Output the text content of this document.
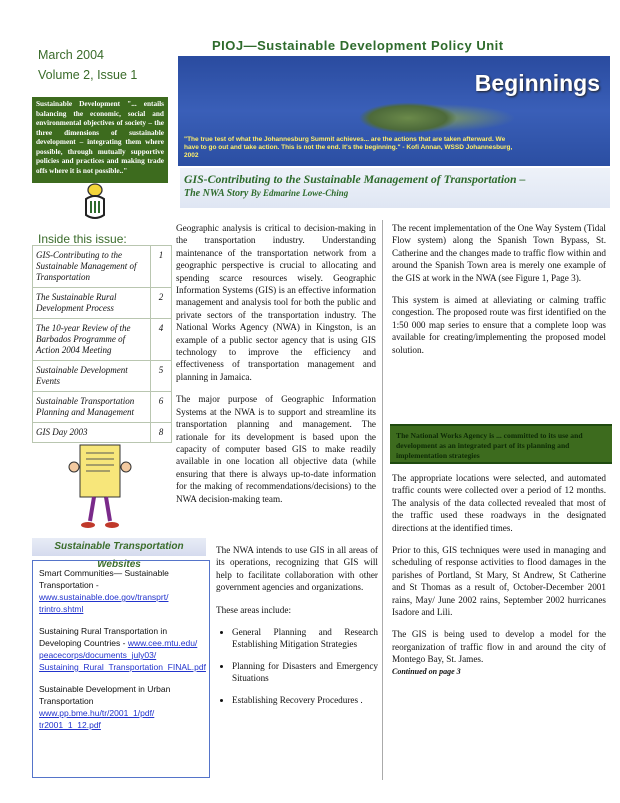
March 2004
Volume 2, Issue 1
Sustainable Development "... entails balancing the economic, social and environmental objectives of society – the three dimensions of sustainable development – integrating them where possible, through mutually supportive policies and practices and making trade offs where it is not possible.."
Inside this issue:
GIS-Contributing to the Sustainable Management of Transportation	1
The Sustainable Rural Development Process	2
The 10-year Review of the Barbados Programme of Action 2004 Meeting	4
Sustainable Development Events	5
Sustainable Transportation Planning and Management	6
GIS Day 2003	8
Sustainable Transportation Websites
Smart Communities— Sustainable Transportation -
www.sustainable.doe.gov/transprt/ trintro.shtml
Sustaining Rural Transportation in Developing Countries - www.cee.mtu.edu/ peacecorps/documents_july03/ Sustaining_Rural_Transportation_FINAL.pdf
Sustainable Development in Urban Transportation
www.pp.bme.hu/tr/2001_1/pdf/ tr2001_1_12.pdf
PIOJ—Sustainable Development Policy Unit
Beginnings
"The true test of what the Johannesburg Summit achieves... are the actions that are taken afterward. We have to go out and take action. This is not the end. It's the beginning." - Kofi Annan, WSSD Johannesburg, 2002
GIS-Contributing to the Sustainable Management of Transportation –
The NWA Story By Edmarine Lowe-Ching

Geographic analysis is critical to decision-making in the transportation industry. Understanding maintenance of the transportation network from a geographic perspective is crucial to allocating and spending scarce resources wisely. Geographic Information Systems (GIS) is an effective information management and analysis tool for both the public and private sectors of the transportation industry. The National Works Agency (NWA) in Kingston, is an example of a public sector agency that is using GIS technology to improve the efficiency and effectiveness of transportation management and planning in Jamaica.

The major purpose of Geographic Information Systems at the NWA is to support and streamline its transportation planning and management. The rationale for its development is based upon the capacity of computer based GIS to make readily available in one location all objective data (while ensuring that there is always up-to-date information for the making of recommendations/decisions) to the NWA decision-making team.

The NWA intends to use GIS in all areas of its operations, recognizing that GIS will help to facilitate collaboration with other government agencies and organizations.

These areas include:

• General Planning and Research Establishing Mitigation Strategies
• Planning for Disasters and Emergency Situations
• Establishing Recovery Procedures .

The recent implementation of the One Way System (Tidal Flow system) along the Spanish Town Bypass, St. Catherine and the changes made to traffic flow within and around the Spanish Town area is merely one example of the GIS at work in the NWA (see Figure 1, Page 3).

This system is aimed at alleviating or calming traffic congestion. The proposed route was first identified on the 1:50 000 map series to ensure that a complete loop was available for creating/implementing the proposed model solution.

The National Works Agency is ... committed to its use and development as an integrated part of its planning and implementation strategies

The appropriate locations were selected, and automated traffic counts were collected over a period of 12 months. The analysis of the data collected revealed that most of the traffic used these roadways in the designated directions at the identified times.

Prior to this, GIS techniques were used in managing and scheduling of response activities to flood damages in the parishes of Portland, St Mary, St Andrew, St Catherine and St Thomas as a result of, October-December 2001 rains, May/ June 2002 rains, September 2002 hurricanes Isadore and Lili.

The GIS is being used to develop a model for the reorganization of traffic flow in and around the city of Montego Bay, St. James.

Continued on page 3
